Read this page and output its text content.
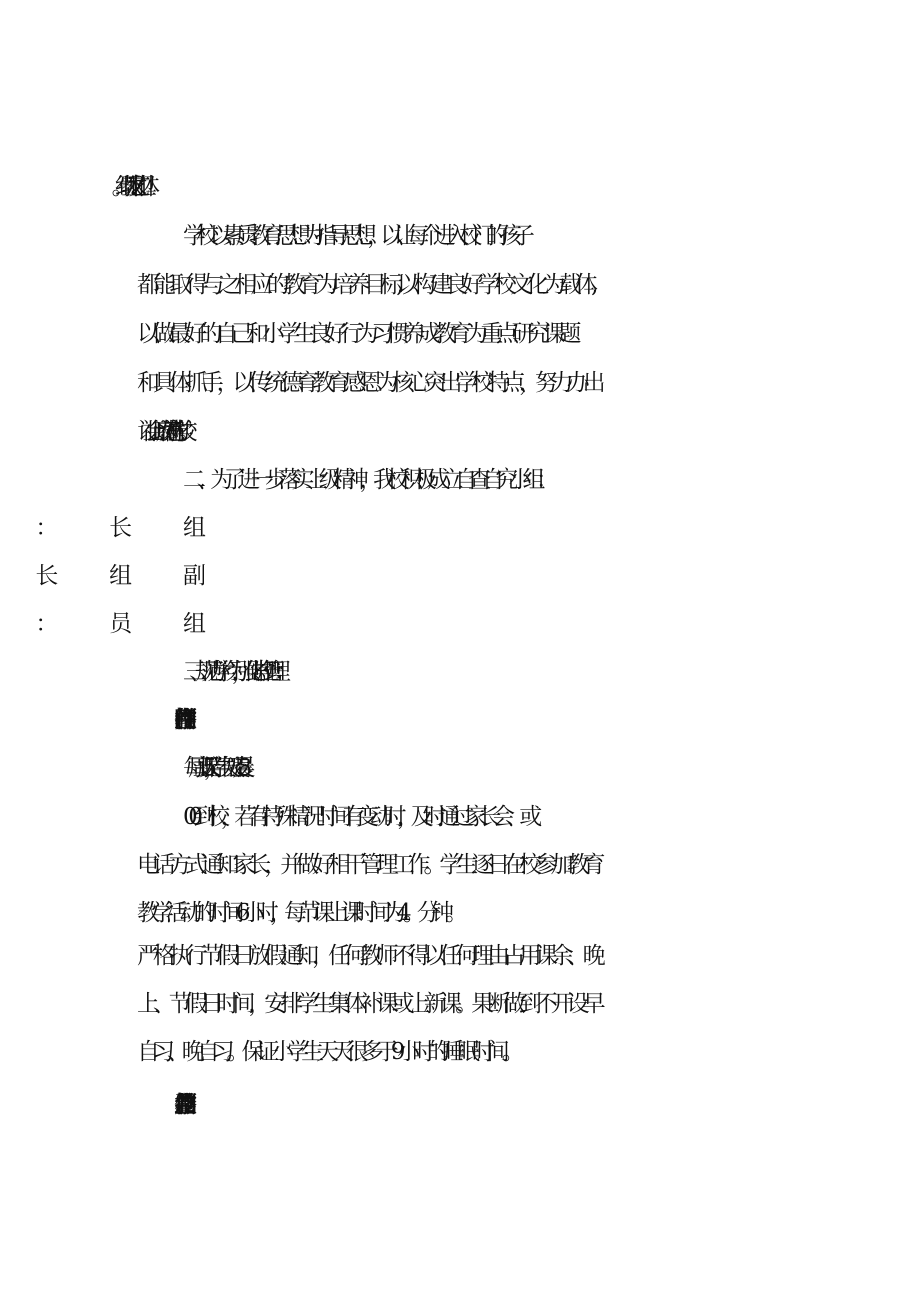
学校以素质教育思想为指导思想，以让每个进入校门的孩子
都能取得与之相应的教育为培养目标,以构建良好学校文化为载体,
以做最好的自己和小学生良好行为习惯养成教育为重点研究课题
和具体抓手，以传统德育教育感恩为核心突出学校特点，努力办出
让社会、政府满意的学校。
二、为了进一步落实上级精神，我校积极成立自查自究小组：
三、规范办学行为，强化常规管理：
每周上课5天，学生天天凌晨8：
00到校，若有特殊情况时间有变动时，及时通过家长会、或
电话方式通知家长，并做好相干管理工作。学生逐日在校参加教育
教学活动的时间6小时，每节课上课时间为4。分钟。
严格执行节假日放假通知，任何教师不得以任何理由占用课余、晚
上、节假日时间，安排学生集体补课或上新课。果断做到不开设早
自习、晚自习。保证小学生天天很多于9小时的睡眠时间。
